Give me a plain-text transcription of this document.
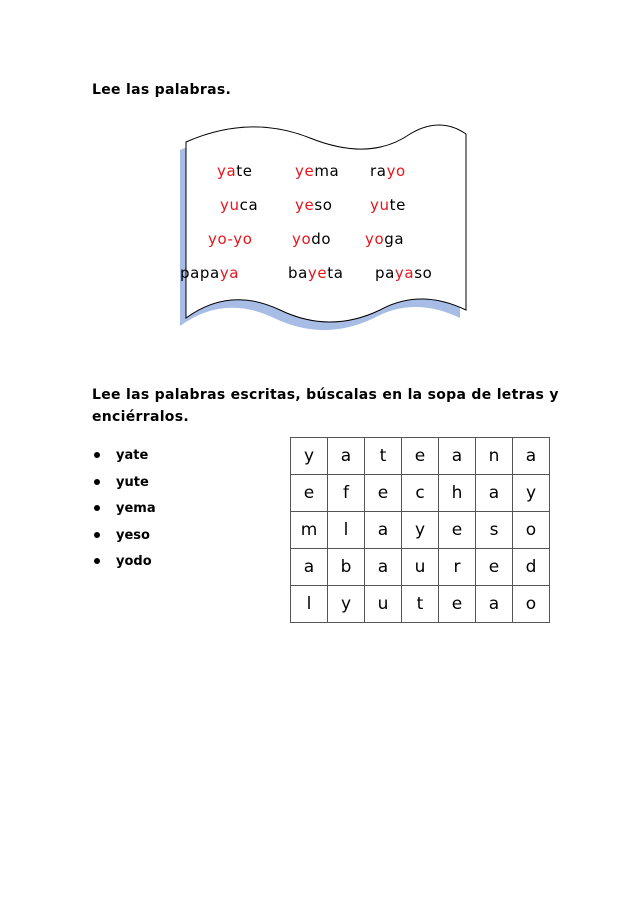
Lee las palabras.
yate	yema rayo
yuca yeso yute
yo-yo	yodo yoga
papaya	bayeta payaso
Lee las palabras escritas, búscalas en la sopa de letras y enciérralos.
yate
yute
yema
yeso
yodo
y	a	t	e	a	n	a
e	f	e	c	h	a	y
m	l	a	y	e	s	o
a	b	a	u	r	e	d
l	y	u	t	e	a	o
